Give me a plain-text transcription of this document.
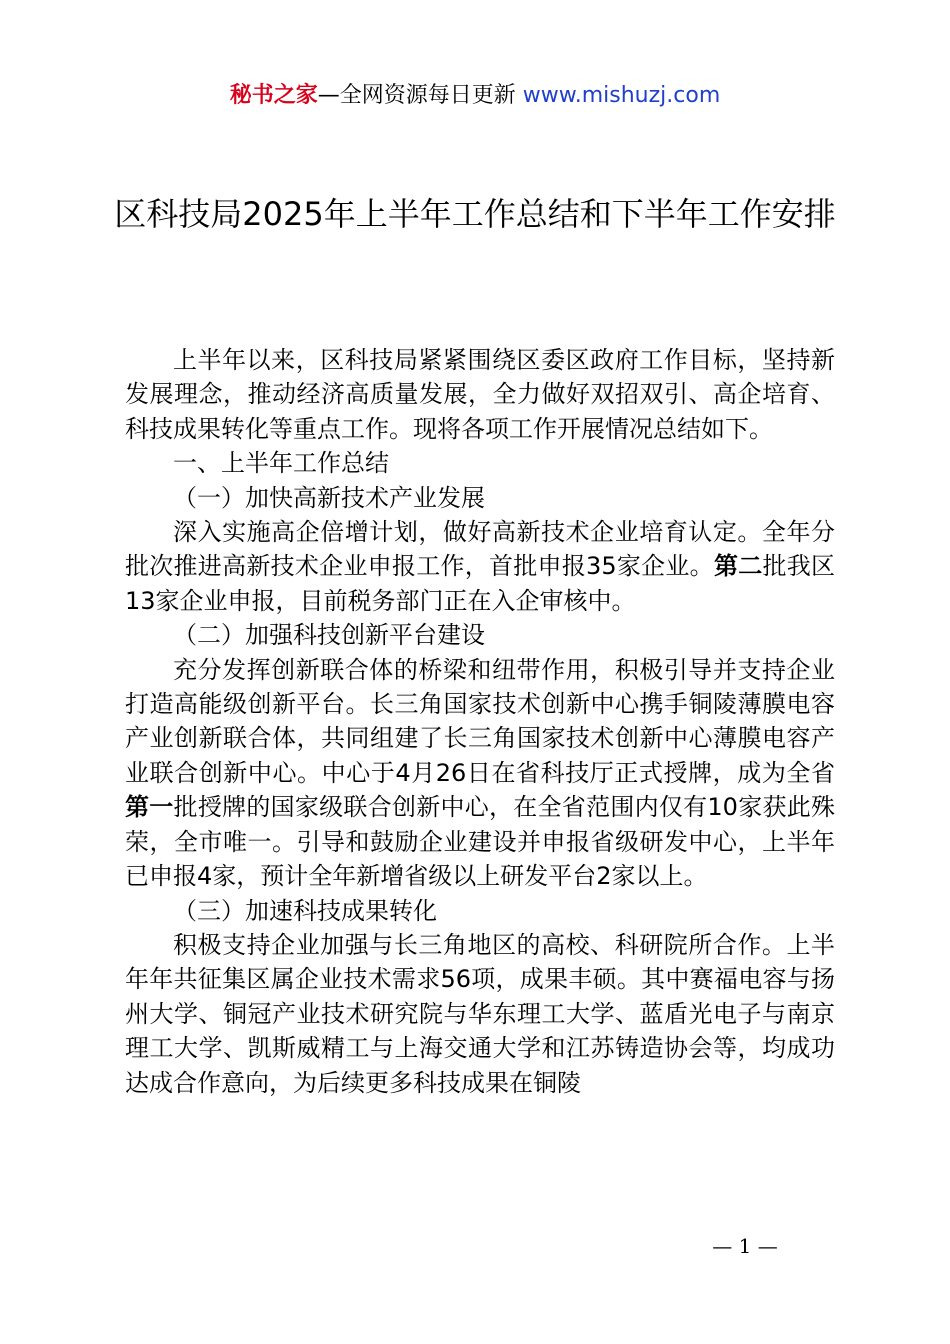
秘书之家—全网资源每日更新 www.mishuzj.com
区科技局2025年上半年工作总结和下半年工作安排

上半年以来，区科技局紧紧围绕区委区政府工作目标，坚持新发展理念，推动经济高质量发展，全力做好双招双引、高企培育、科技成果转化等重点工作。现将各项工作开展情况总结如下。

一、上半年工作总结

（一）加快高新技术产业发展

深入实施高企倍增计划，做好高新技术企业培育认定。全年分批次推进高新技术企业申报工作，首批申报35家企业。第二批我区13家企业申报，目前税务部门正在入企审核中。

（二）加强科技创新平台建设

充分发挥创新联合体的桥梁和纽带作用，积极引导并支持企业打造高能级创新平台。长三角国家技术创新中心携手铜陵薄膜电容产业创新联合体，共同组建了长三角国家技术创新中心薄膜电容产业联合创新中心。中心于4月26日在省科技厅正式授牌，成为全省第一批授牌的国家级联合创新中心，在全省范围内仅有10家获此殊荣，全市唯一。引导和鼓励企业建设并申报省级研发中心，上半年已申报4家，预计全年新增省级以上研发平台2家以上。

（三）加速科技成果转化

积极支持企业加强与长三角地区的高校、科研院所合作。上半年年共征集区属企业技术需求56项，成果丰硕。其中赛福电容与扬州大学、铜冠产业技术研究院与华东理工大学、蓝盾光电子与南京理工大学、凯斯威精工与上海交通大学和江苏铸造协会等，均成功达成合作意向，为后续更多科技成果在铜陵

— 1 —
